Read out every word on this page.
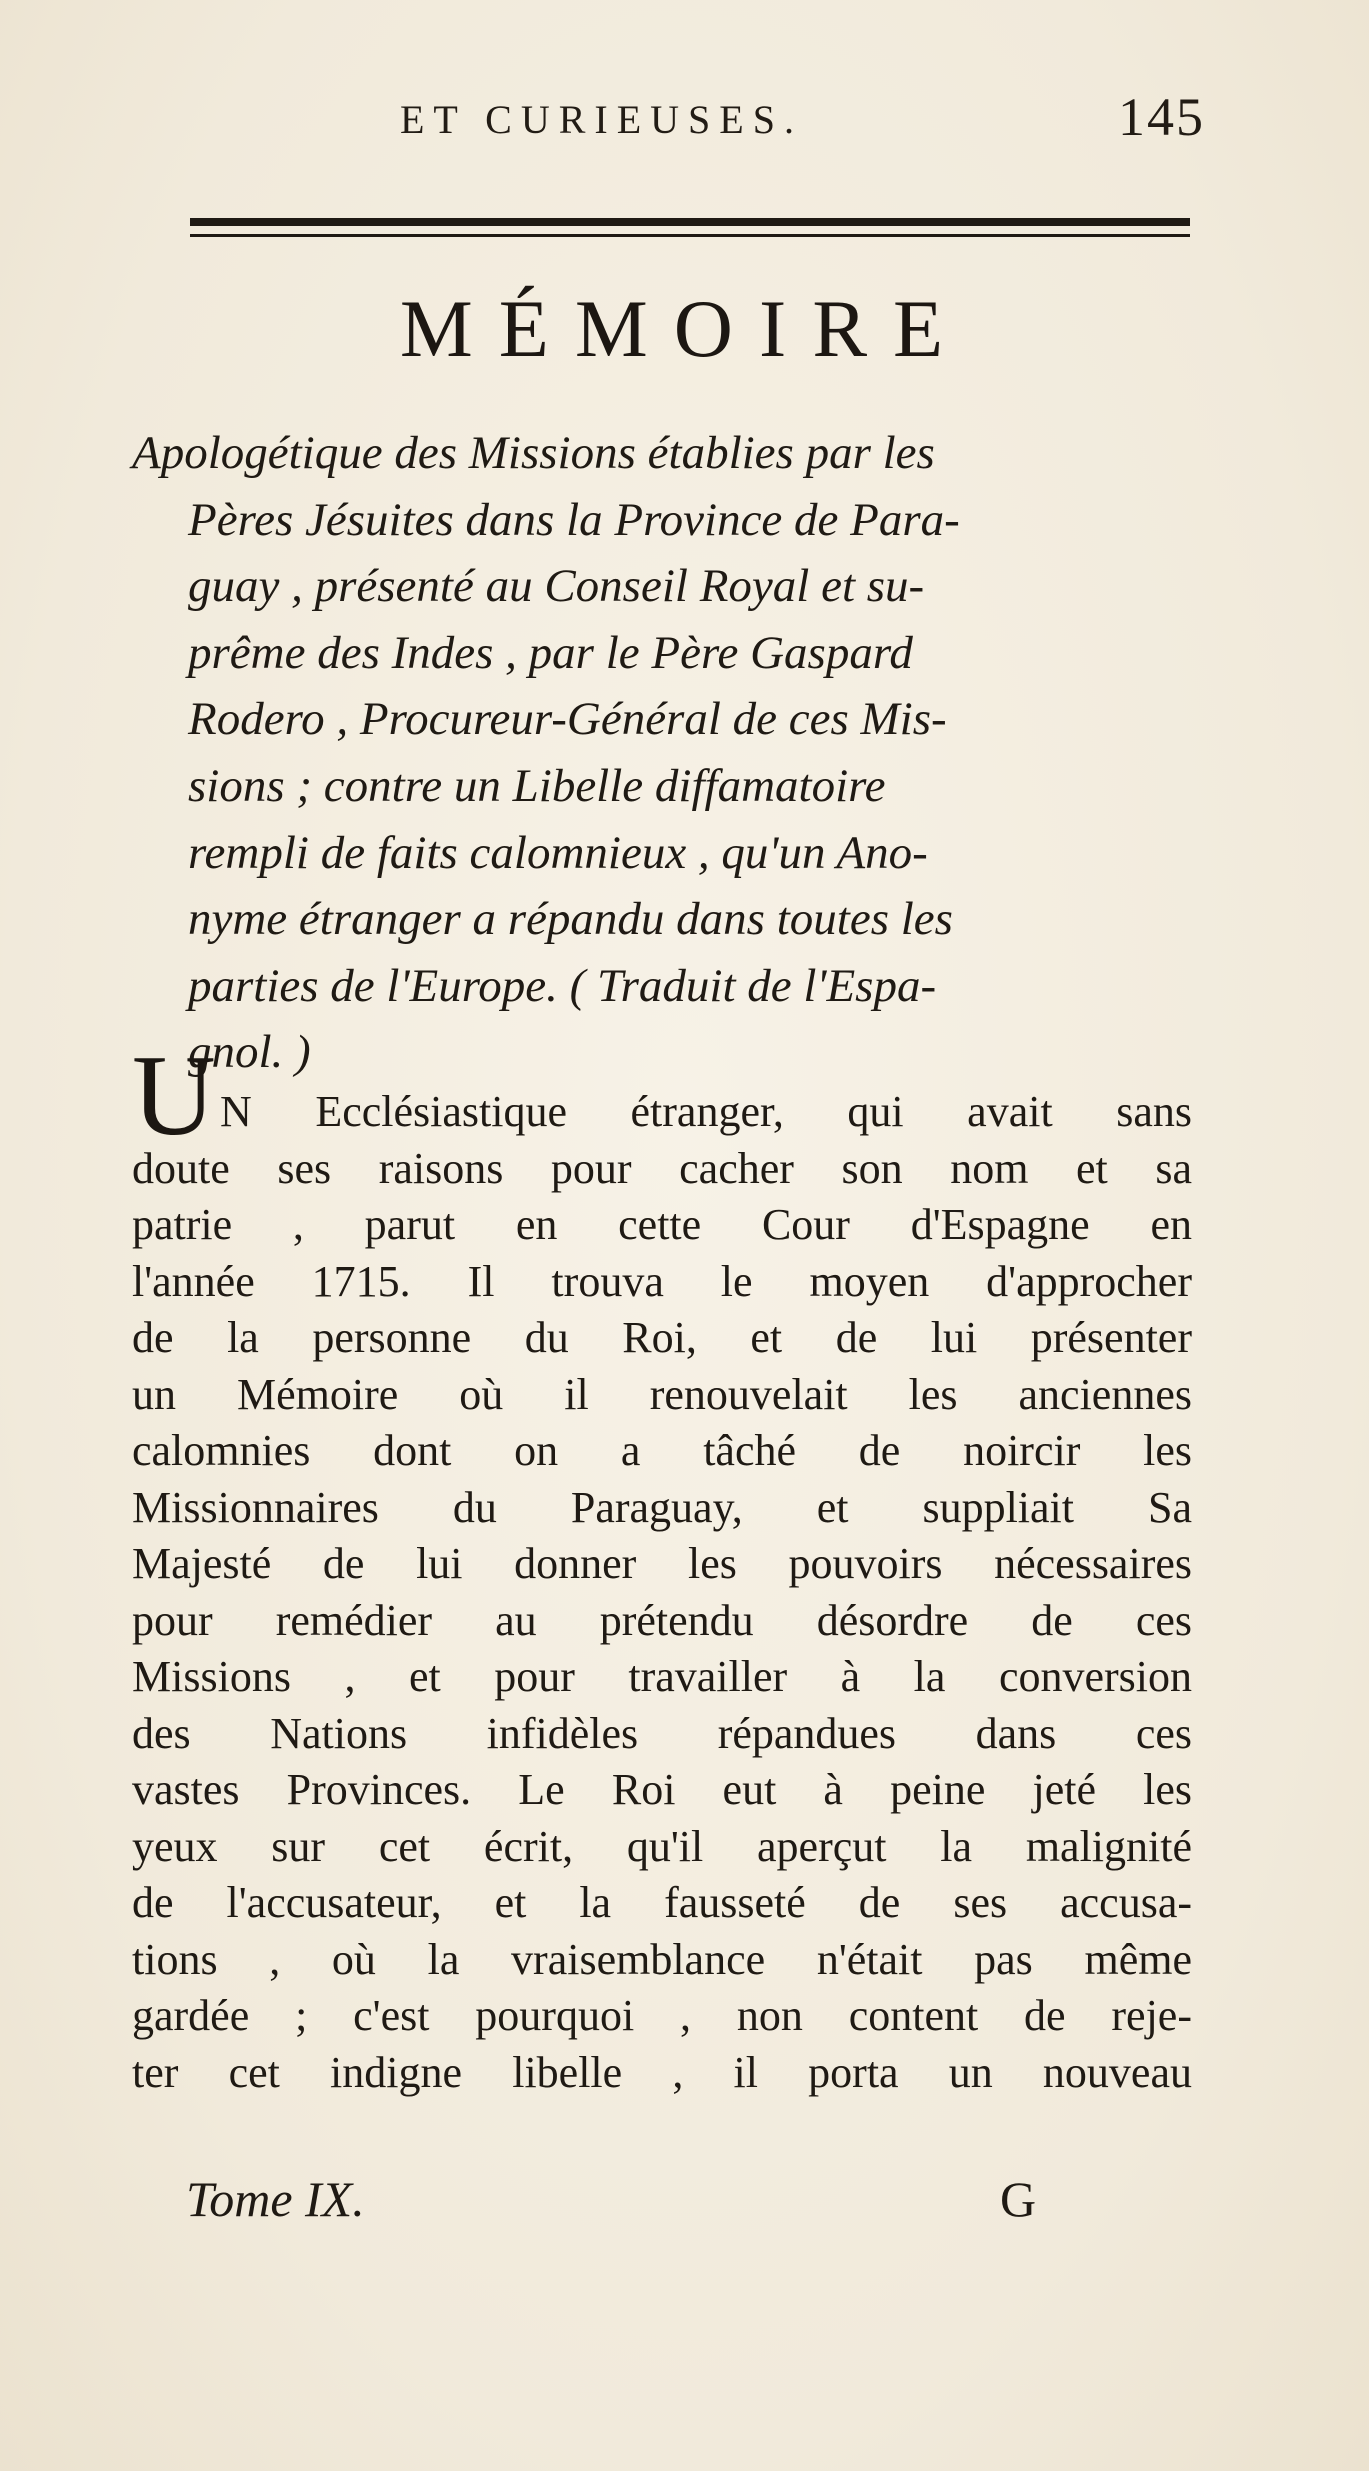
ET CURIEUSES.	145
MÉMOIRE
Apologétique des Missions établies par les
Pères Jésuites dans la Province de Para-
guay , présenté au Conseil Royal et su-
prême des Indes , par le Père Gaspard
Rodero , Procureur-Général de ces Mis-
sions ; contre un Libelle diffamatoire
rempli de faits calomnieux , qu'un Ano-
nyme étranger a répandu dans toutes les
parties de l'Europe. ( Traduit de l'Espa-
gnol. )
U N Ecclésiastique étranger, qui avait sans
doute ses raisons pour cacher son nom et sa
patrie , parut en cette Cour d'Espagne en
l'année 1715. Il trouva le moyen d'approcher
de la personne du Roi, et de lui présenter
un Mémoire où il renouvelait les anciennes
calomnies dont on a tâché de noircir les
Missionnaires du Paraguay, et suppliait Sa
Majesté de lui donner les pouvoirs nécessaires
pour remédier au prétendu désordre de ces
Missions , et pour travailler à la conversion
des Nations infidèles répandues dans ces
vastes Provinces. Le Roi eut à peine jeté les
yeux sur cet écrit, qu'il aperçut la malignité
de l'accusateur, et la fausseté de ses accusa-
tions , où la vraisemblance n'était pas même
gardée ; c'est pourquoi , non content de reje-
ter cet indigne libelle , il porta un nouveau
Tome IX.	G
